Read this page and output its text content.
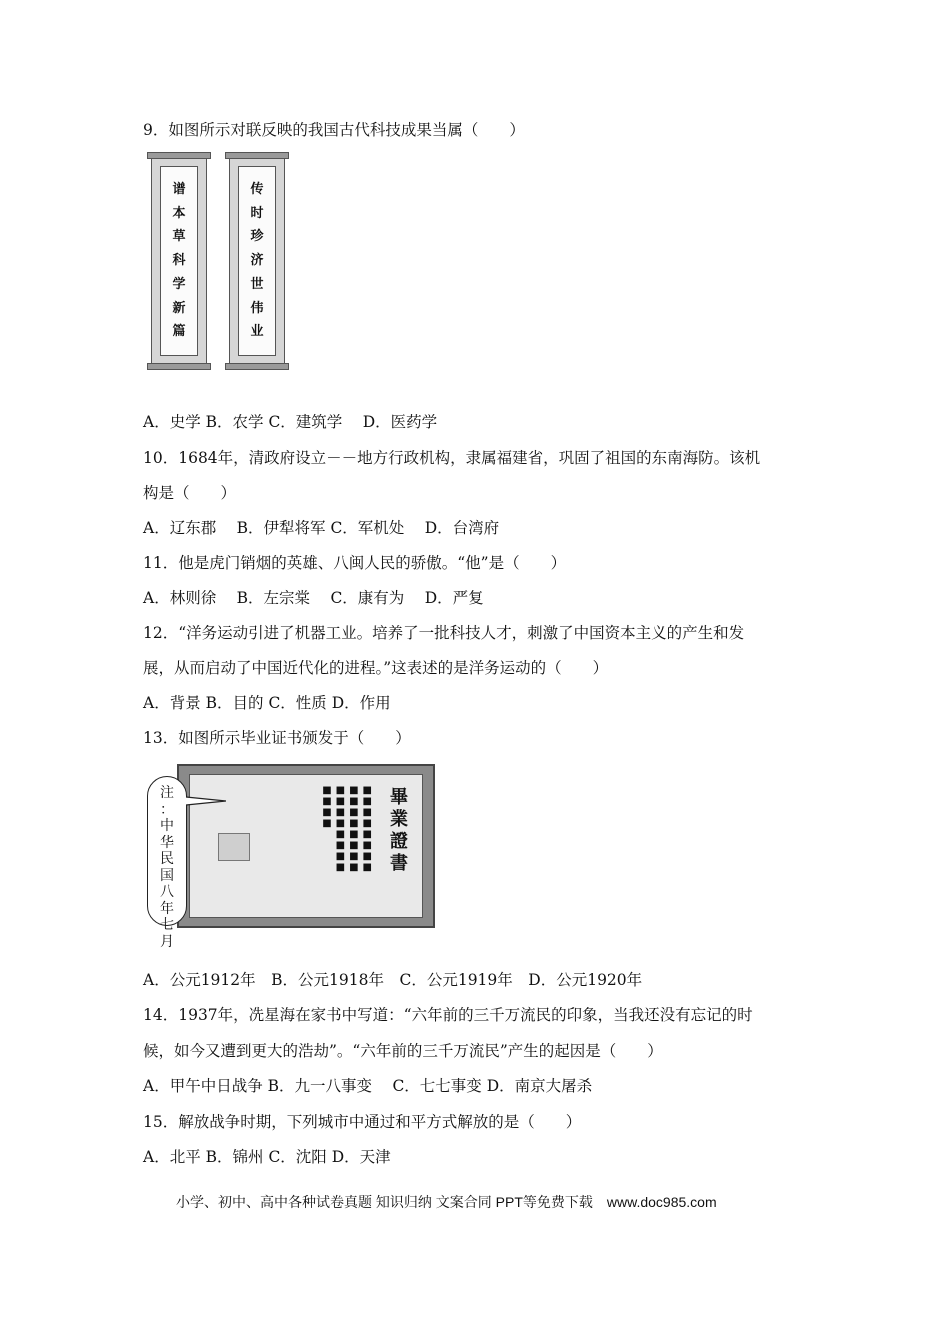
9．如图所示对联反映的我国古代科技成果当属（　　）
谱
本
草
科
学
新
篇
传
时
珍
济
世
伟
业
A．史学 B．农学 C．建筑学　 D．医药学
10．1684年，清政府设立－－地方行政机构，隶属福建省，巩固了祖国的东南海防。该机
构是（　　）
A．辽东郡　 B．伊犁将军 C．军机处　 D．台湾府
11．他是虎门销烟的英雄、八闽人民的骄傲。“他”是（　　）
A．林则徐　 B．左宗棠　 C．康有为　 D．严复
12．“洋务运动引进了机器工业。培养了一批科技人才，刺激了中国资本主义的产生和发
展，从而启动了中国近代化的进程。”这表述的是洋务运动的（　　）
A．背景 B．目的 C．性质 D．作用
13．如图所示毕业证书颁发于（　　）
畢
業
證
書
■
■
■
■
■
■
■
■
■
■
■
■
■
■
■
■
■
■
■
■
■
■
■
■
■
■
■
■
注
：
中
华
民
国
八
年
七
月
A．公元1912年　B．公元1918年　C．公元1919年　D．公元1920年
14．1937年，冼星海在家书中写道：“六年前的三千万流民的印象，当我还没有忘记的时
候，如今又遭到更大的浩劫”。“六年前的三千万流民”产生的起因是（　　）
A．甲午中日战争 B．九一八事变　 C．七七事变 D．南京大屠杀
15．解放战争时期，下列城市中通过和平方式解放的是（　　）
A．北平 B．锦州 C．沈阳 D．天津
小学、初中、高中各种试卷真题 知识归纳 文案合同 PPT等免费下载　www.doc985.com
